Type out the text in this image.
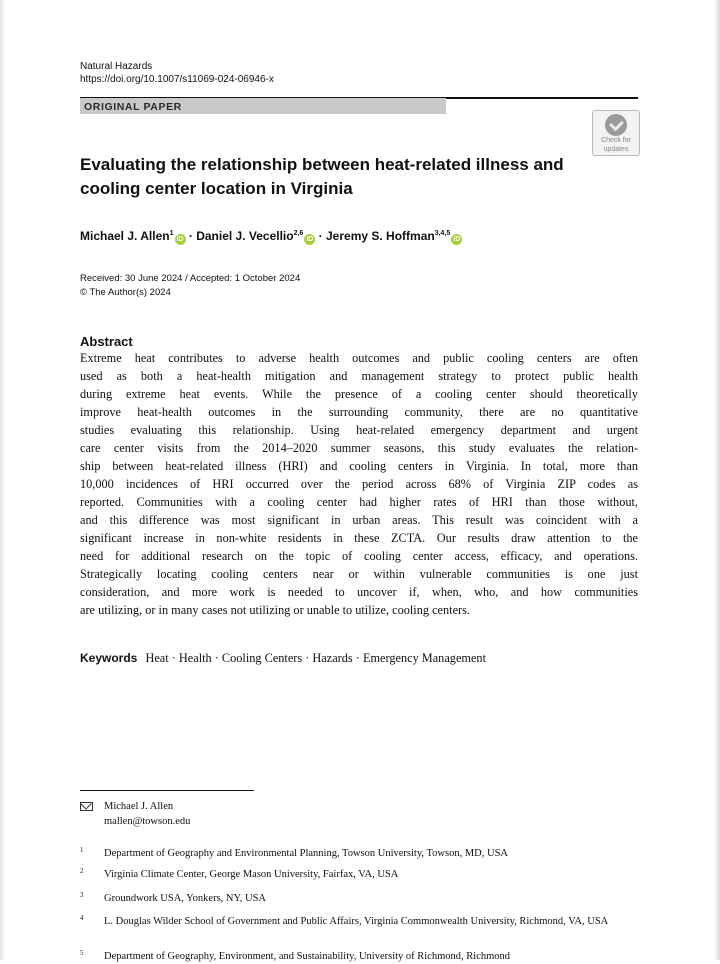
Natural Hazards
https://doi.org/10.1007/s11069-024-06946-x
ORIGINAL PAPER
Check for
updates
Evaluating the relationship between heat-related illness and cooling center location in Virginia
Michael J. Allen$^1$iD · Daniel J. Vecellio$^{2,6}$iD · Jeremy S. Hoffman$^{3,4,5}$iD
Received: 30 June 2024 / Accepted: 1 October 2024
© The Author(s) 2024
Abstract
Extreme heat contributes to adverse health outcomes and public cooling centers are often
used as both a heat-health mitigation and management strategy to protect public health
during extreme heat events. While the presence of a cooling center should theoretically
improve heat-health outcomes in the surrounding community, there are no quantitative
studies evaluating this relationship. Using heat-related emergency department and urgent
care center visits from the 2014–2020 summer seasons, this study evaluates the relation-
ship between heat-related illness (HRI) and cooling centers in Virginia. In total, more than
10,000 incidences of HRI occurred over the period across 68% of Virginia ZIP codes as
reported. Communities with a cooling center had higher rates of HRI than those without,
and this difference was most significant in urban areas. This result was coincident with a
significant increase in non-white residents in these ZCTA. Our results draw attention to the
need for additional research on the topic of cooling center access, efficacy, and operations.
Strategically locating cooling centers near or within vulnerable communities is one just
consideration, and more work is needed to uncover if, when, who, and how communities
are utilizing, or in many cases not utilizing or unable to utilize, cooling centers.
Keywords Heat · Health · Cooling Centers · Hazards · Emergency Management
Michael J. Allen
mallen@towson.edu
1 Department of Geography and Environmental Planning, Towson University, Towson, MD, USA
2 Virginia Climate Center, George Mason University, Fairfax, VA, USA
3 Groundwork USA, Yonkers, NY, USA
4 L. Douglas Wilder School of Government and Public Affairs, Virginia Commonwealth University, Richmond, VA, USA
5 Department of Geography, Environment, and Sustainability, University of Richmond, Richmond
